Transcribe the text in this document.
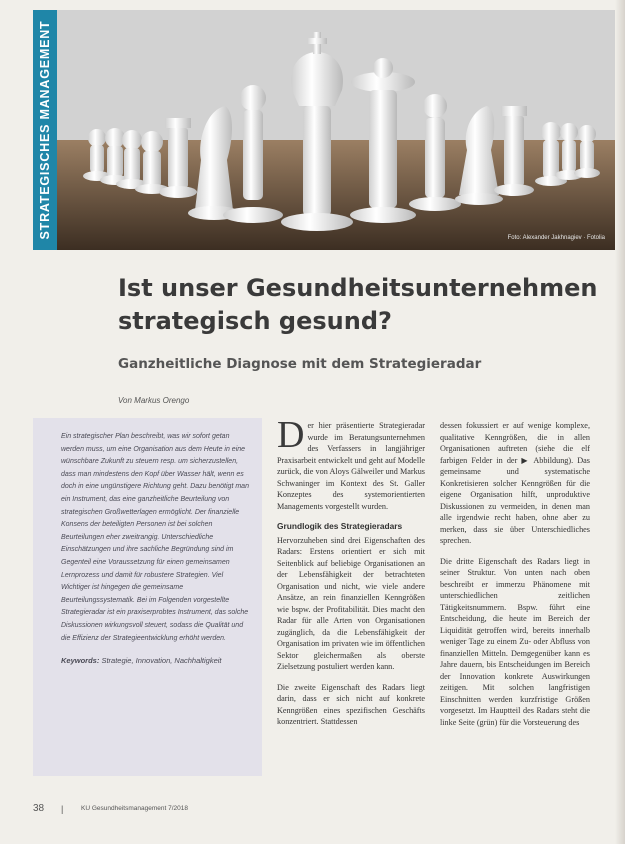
Foto: Alexander Jakhnagiev · Fotolia
STRATEGISCHES MANAGEMENT
Ist unser Gesundheitsunternehmen strategisch gesund?
Ganzheitliche Diagnose mit dem Strategieradar
Von Markus Orengo

Ein strategischer Plan beschreibt, was wir sofort getan werden muss, um eine Organisation aus dem Heute in eine wünschbare Zukunft zu steuern resp. um sicherzustellen, dass man mindestens den Kopf über Wasser hält, wenn es doch in eine ungünstigere Richtung geht. Dazu benötigt man ein Instrument, das eine ganzheitliche Beurteilung von strategischen Großwetterlagen ermöglicht. Der finanzielle Konsens der beteiligten Personen ist bei solchen Beurteilungen eher zweitrangig. Unterschiedliche Einschätzungen und ihre sachliche Begründung sind im Gegenteil eine Voraussetzung für einen gemeinsamen Lernprozess und damit für robustere Strategien. Viel Wichtiger ist hingegen die gemeinsame Beurteilungssystematik. Bei im Folgenden vorgestellte Strategieradar ist ein praxiserprobtes Instrument, das solche Diskussionen wirkungsvoll steuert, sodass die Qualität und die Effizienz der Strategieentwicklung erhöht werden.

Keywords: Strategie, Innovation, Nachhaltigkeit

D er hier präsentierte Strategieradar wurde im Beratungsunternehmen des Verfassers in langjähriger Praxisarbeit entwickelt und geht auf Modelle zurück, die von Aloys Gälweiler und Markus Schwaninger im Kontext des St. Galler Konzeptes des systemorientierten Managements vorgestellt wurden.

Grundlogik des Strategieradars

Hervorzuheben sind drei Eigenschaften des Radars: Erstens orientiert er sich mit Seitenblick auf beliebige Organisationen an der Lebensfähigkeit der betrachteten Organisation und nicht, wie viele andere Ansätze, an rein finanziellen Kenngrößen wie bspw. der Profitabilität. Dies macht den Radar für alle Arten von Organisationen zugänglich, da die Lebensfähigkeit der Organisation im privaten wie im öffentlichen Sektor gleichermaßen als oberste Zielsetzung postuliert werden kann.

Die zweite Eigenschaft des Radars liegt darin, dass er sich nicht auf konkrete Kenngrößen eines spezifischen Geschäfts konzentriert. Stattdessen

dessen fokussiert er auf wenige komplexe, qualitative Kenngrößen, die in allen Organisationen auftreten (siehe die elf farbigen Felder in der ▶ Abbildung). Das gemeinsame und systematische Konkretisieren solcher Kenngrößen für die eigene Organisation hilft, unproduktive Diskussionen zu vermeiden, in denen man alle irgendwie recht haben, ohne aber zu merken, dass sie über Unterschiedliches sprechen.

Die dritte Eigenschaft des Radars liegt in seiner Struktur. Von unten nach oben beschreibt er immerzu Phänomene mit unterschiedlichen zeitlichen Tätigkeitsnummern. Bspw. führt eine Entscheidung, die heute im Bereich der Liquidität getroffen wird, bereits innerhalb weniger Tage zu einem Zu- oder Abfluss von finanziellen Mitteln. Demgegenüber kann es Jahre dauern, bis Entscheidungen im Bereich der Innovation konkrete Auswirkungen zeitigen. Mit solchen langfristigen Einschnitten werden kurzfristige Größen vorgesetzt. Im Hauptteil des Radars steht die linke Seite (grün) für die Vorsteuerung des

38	|	KU Gesundheitsmanagement 7/2018
